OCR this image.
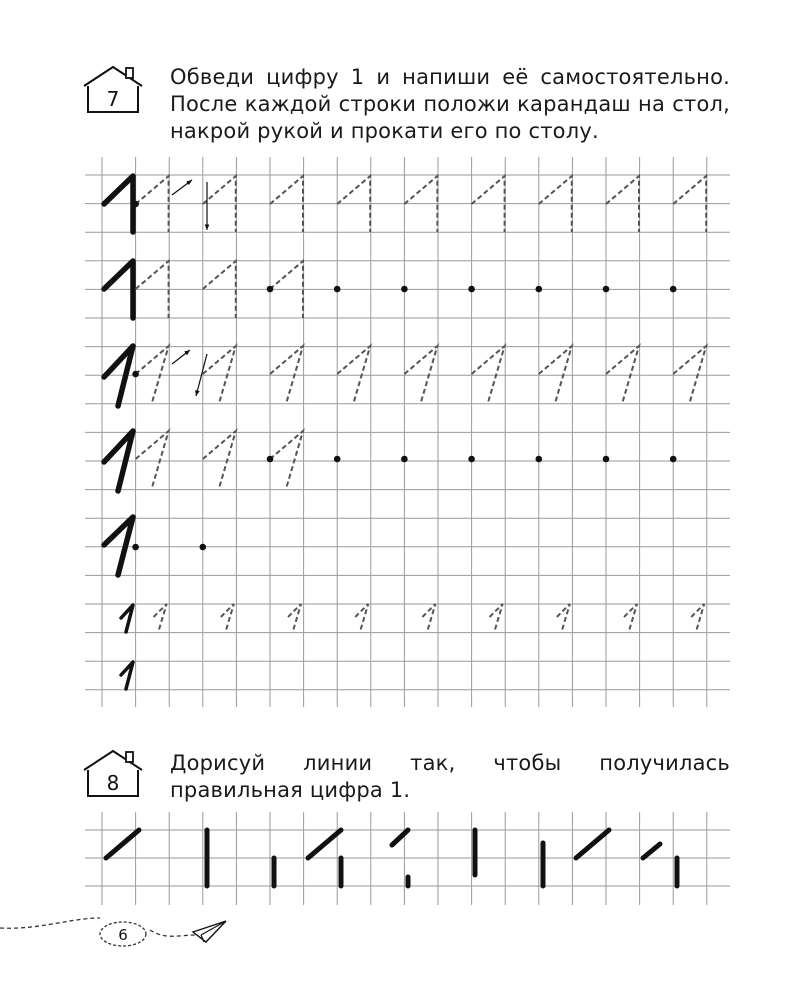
7
Обведи цифру 1 и напиши её самостоятельно. После каждой строки положи карандаш на стол, накрой рукой и прокати его по столу.
8
Дорисуй линии так, чтобы получилась правильная цифра 1.
6
